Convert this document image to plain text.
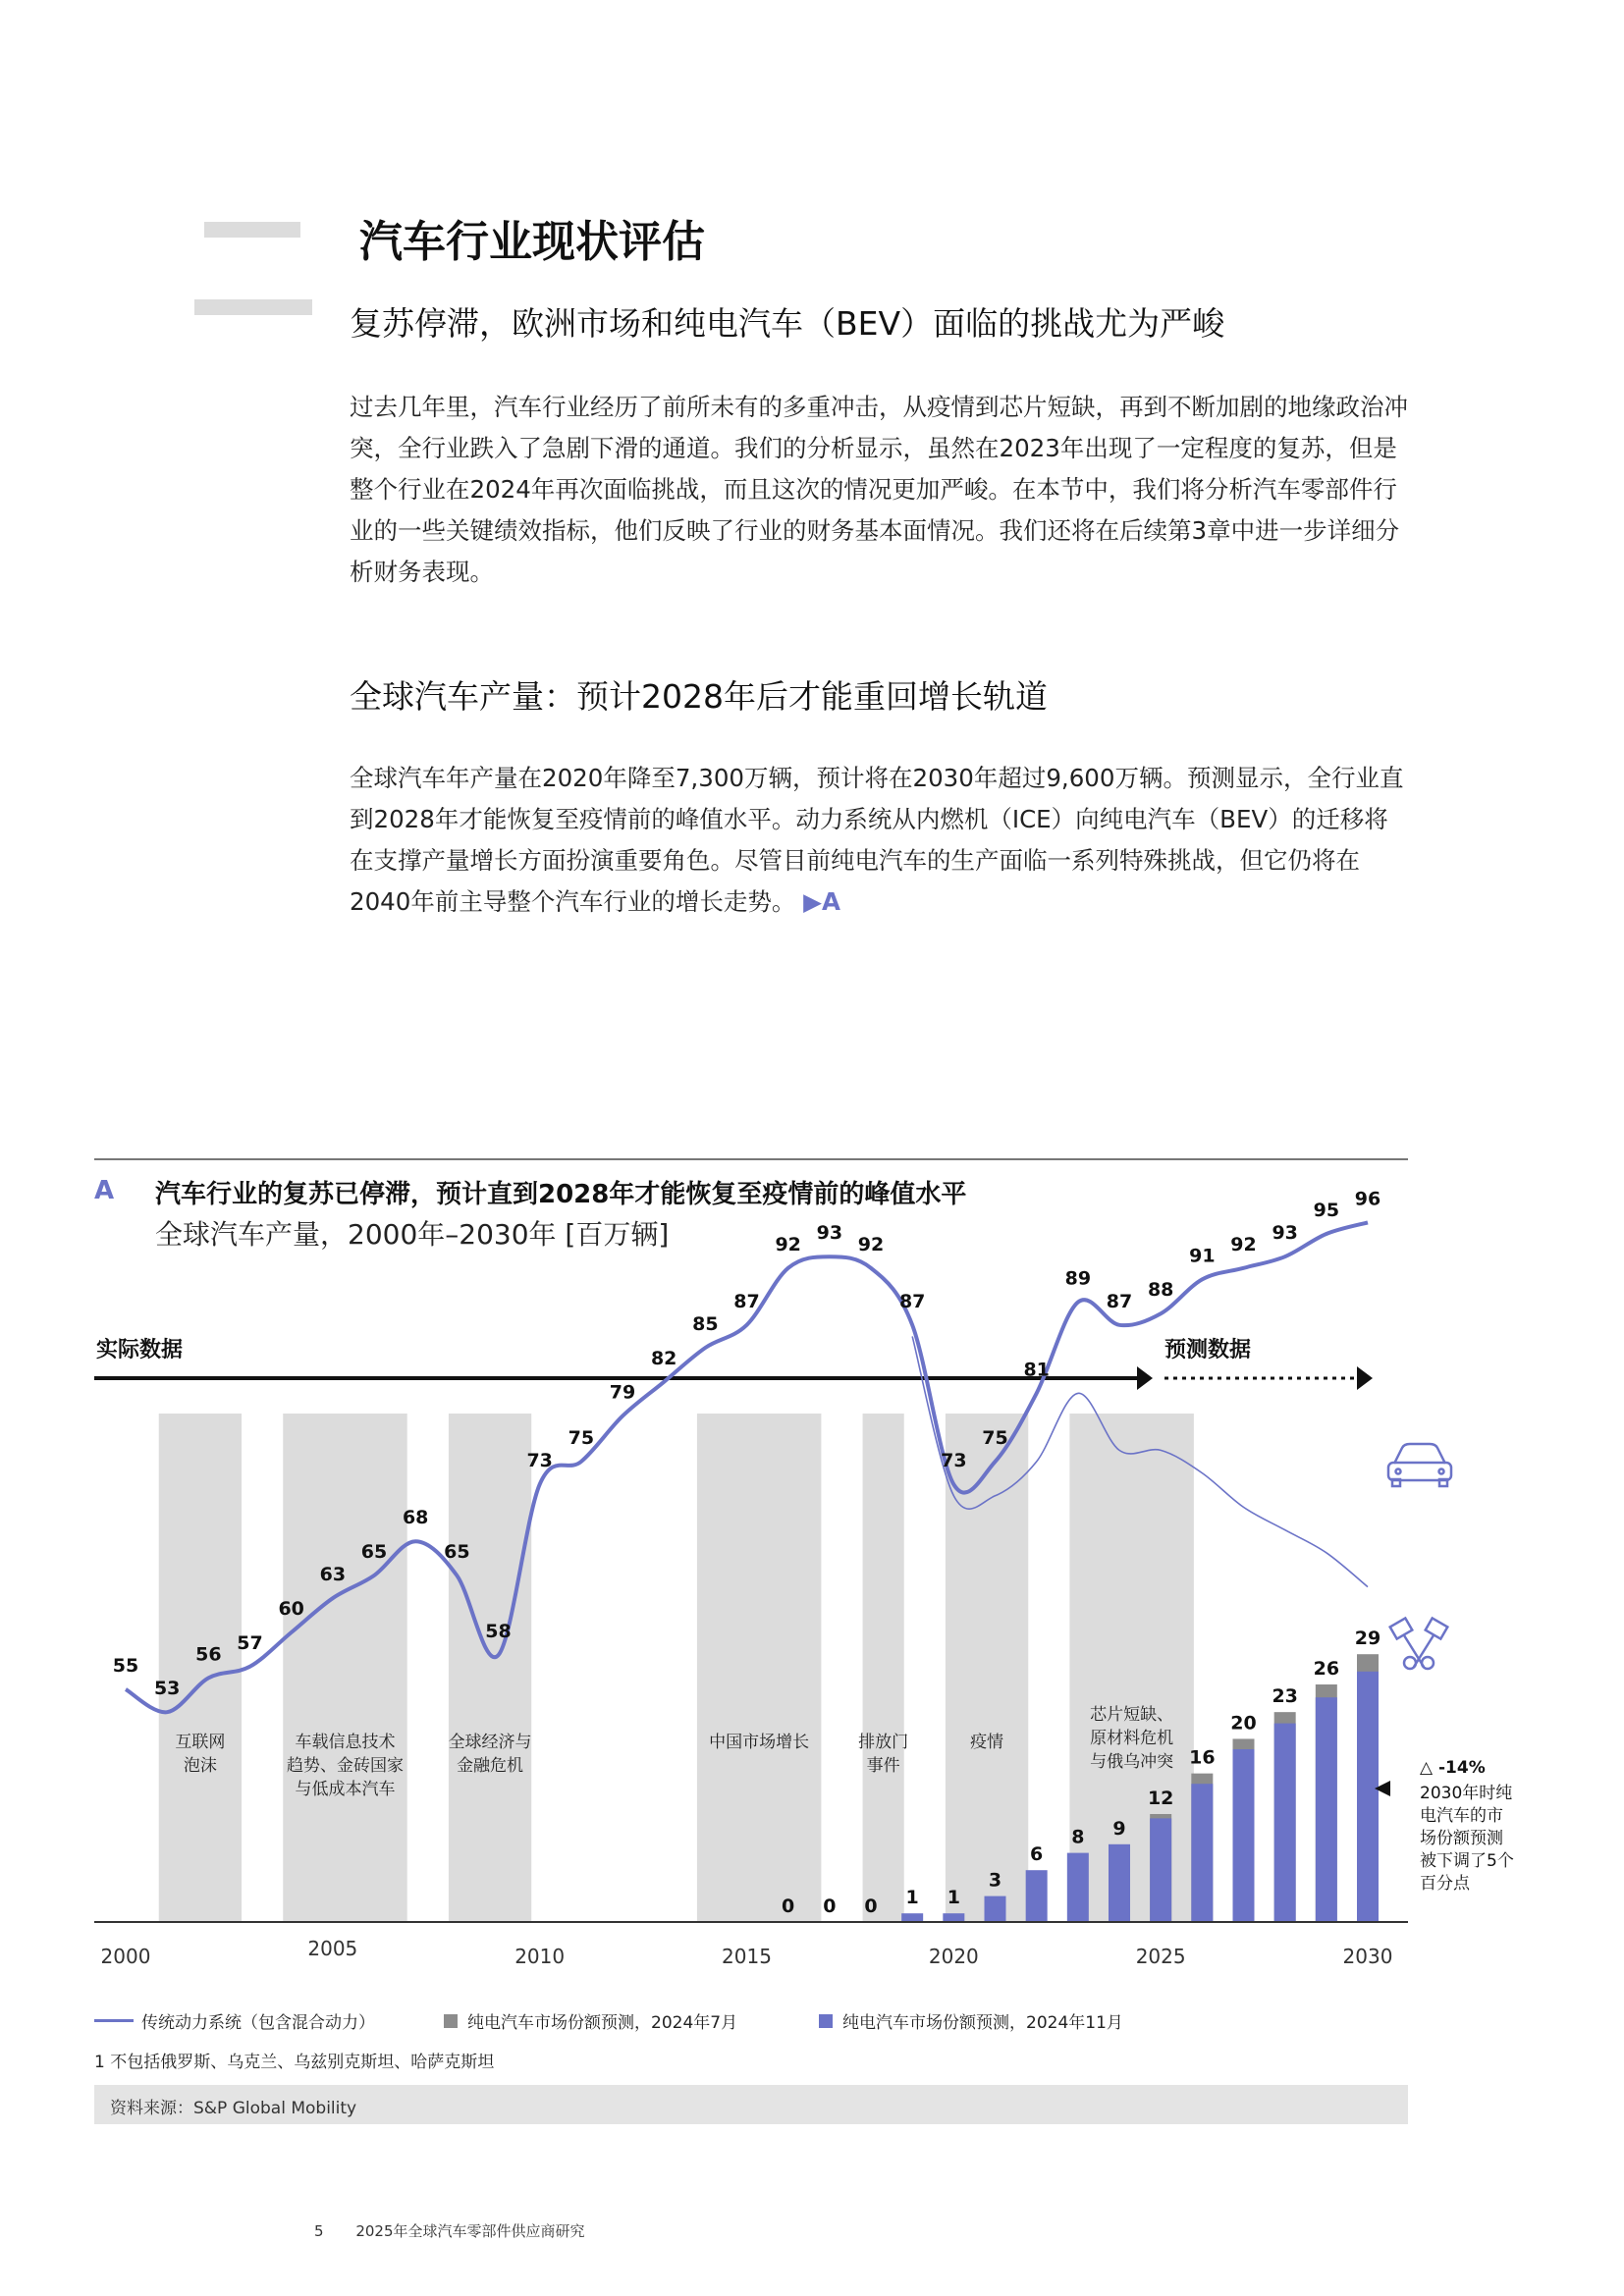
汽车行业现状评估
复苏停滞，欧洲市场和纯电汽车（BEV）面临的挑战尤为严峻

过去几年里，汽车行业经历了前所未有的多重冲击，从疫情到芯片短缺，再到不断加剧的地缘政治冲突，全行业跌入了急剧下滑的通道。我们的分析显示，虽然在2023年出现了一定程度的复苏，但是整个行业在2024年再次面临挑战，而且这次的情况更加严峻。在本节中，我们将分析汽车零部件行业的一些关键绩效指标，他们反映了行业的财务基本面情况。我们还将在后续第3章中进一步详细分析财务表现。

全球汽车产量：预计2028年后才能重回增长轨道

全球汽车年产量在2020年降至7,300万辆，预计将在2030年超过9,600万辆。预测显示，全行业直到2028年才能恢复至疫情前的峰值水平。动力系统从内燃机（ICE）向纯电汽车（BEV）的迁移将在支撑产量增长方面扮演重要角色。尽管目前纯电汽车的生产面临一系列特殊挑战，但它仍将在2040年前主导整个汽车行业的增长走势。 ▶A

A 汽车行业的复苏已停滞，预计直到2028年才能恢复至疫情前的峰值水平
全球汽车产量，2000年–2030年 [百万辆]
互联网泡沫
车载信息技术趋势、金砖国家与低成本汽车
全球经济与金融危机
中国市场增长	排放门事件
疫情
芯片短缺、原材料危机与俄乌冲突
实际数据	预测数据
0 0 0 1 1
3
6
8 9
12
16
20
23
26
29
2000	2005	2010	2015	2020	2025	2030
55
53
56
57
60
63
65
68
65
58
73
75
79
82
85
87
92
93
92
87
73
75
81
89
87
88
91
92
93
95
96
△ -14%
2030年时纯电汽车的市场份额预测被下调了5个百分点
传统动力系统（包含混合动力）	纯电汽车市场份额预测，2024年7月	纯电汽车市场份额预测，2024年11月
1 不包括俄罗斯、乌克兰、乌兹别克斯坦、哈萨克斯坦
资料来源：S&P Global Mobility
5 2025年全球汽车零部件供应商研究
